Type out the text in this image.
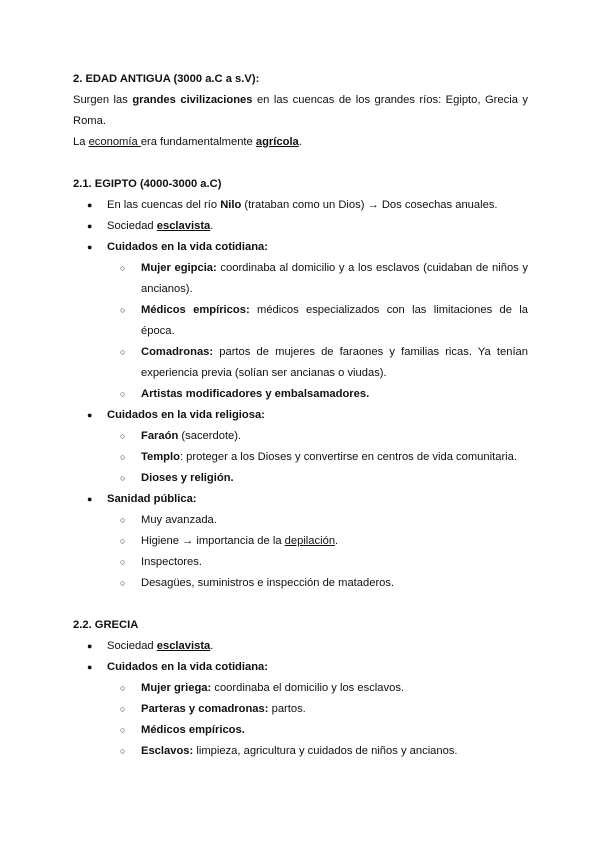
2. EDAD ANTIGUA (3000 a.C a s.V):

Surgen las grandes civilizaciones en las cuencas de los grandes ríos: Egipto, Grecia y Roma.

La economía era fundamentalmente agrícola.

2.1. EGIPTO (4000-3000 a.C)

● En las cuencas del río Nilo (trataban como un Dios) → Dos cosechas anuales.
● Sociedad esclavista.
● Cuidados en la vida cotidiana:
○ Mujer egipcia: coordinaba al domicilio y a los esclavos (cuidaban de niños y ancianos).
○ Médicos empíricos: médicos especializados con las limitaciones de la época.
○ Comadronas: partos de mujeres de faraones y familias ricas. Ya tenían experiencia previa (solían ser ancianas o viudas).
○ Artistas modificadores y embalsamadores.
● Cuidados en la vida religiosa:
○ Faraón (sacerdote).
○ Templo: proteger a los Dioses y convertirse en centros de vida comunitaria.
○ Dioses y religión.
● Sanidad pública:
○ Muy avanzada.
○ Higiene → importancia de la depilación.
○ Inspectores.
○ Desagües, suministros e inspección de mataderos.

2.2. GRECIA

● Sociedad esclavista.
● Cuidados en la vida cotidiana:
○ Mujer griega: coordinaba el domicilio y los esclavos.
○ Parteras y comadronas: partos.
○ Médicos empíricos.
○ Esclavos: limpieza, agricultura y cuidados de niños y ancianos.
